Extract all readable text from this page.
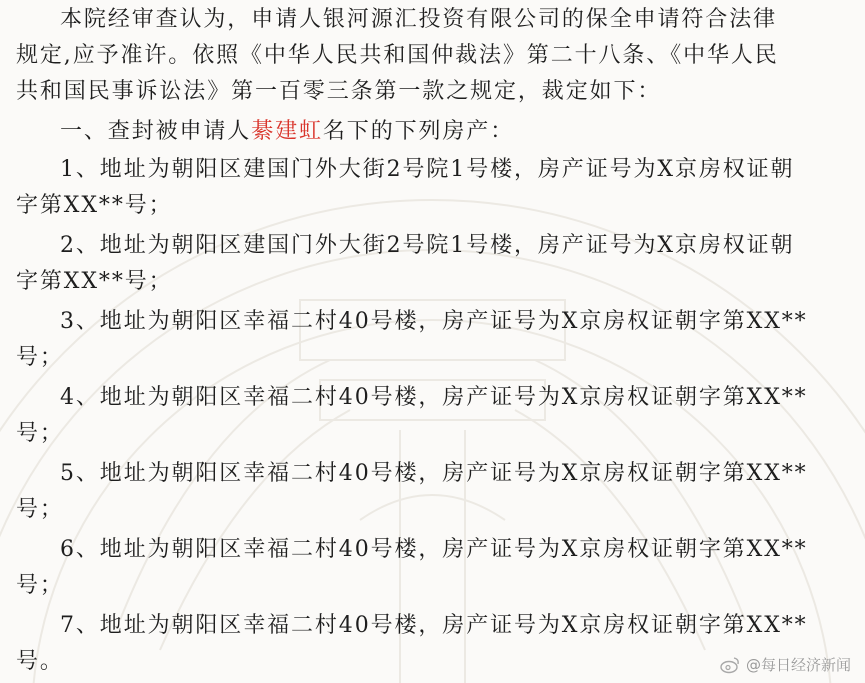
本院经审查认为，申请人银河源汇投资有限公司的保全申请符合法律
规定,应予准许。依照《中华人民共和国仲裁法》第二十八条、《中华人民
共和国民事诉讼法》第一百零三条第一款之规定，裁定如下：

一、查封被申请人綦建虹名下的下列房产：

1、地址为朝阳区建国门外大街2号院1号楼，房产证号为X京房权证朝
字第XX**号；

2、地址为朝阳区建国门外大街2号院1号楼，房产证号为X京房权证朝
字第XX**号；

3、地址为朝阳区幸福二村40号楼，房产证号为X京房权证朝字第XX**
号；

4、地址为朝阳区幸福二村40号楼，房产证号为X京房权证朝字第XX**
号；

5、地址为朝阳区幸福二村40号楼，房产证号为X京房权证朝字第XX**
号；

6、地址为朝阳区幸福二村40号楼，房产证号为X京房权证朝字第XX**
号；

7、地址为朝阳区幸福二村40号楼，房产证号为X京房权证朝字第XX**
号。	@每日经济新闻
